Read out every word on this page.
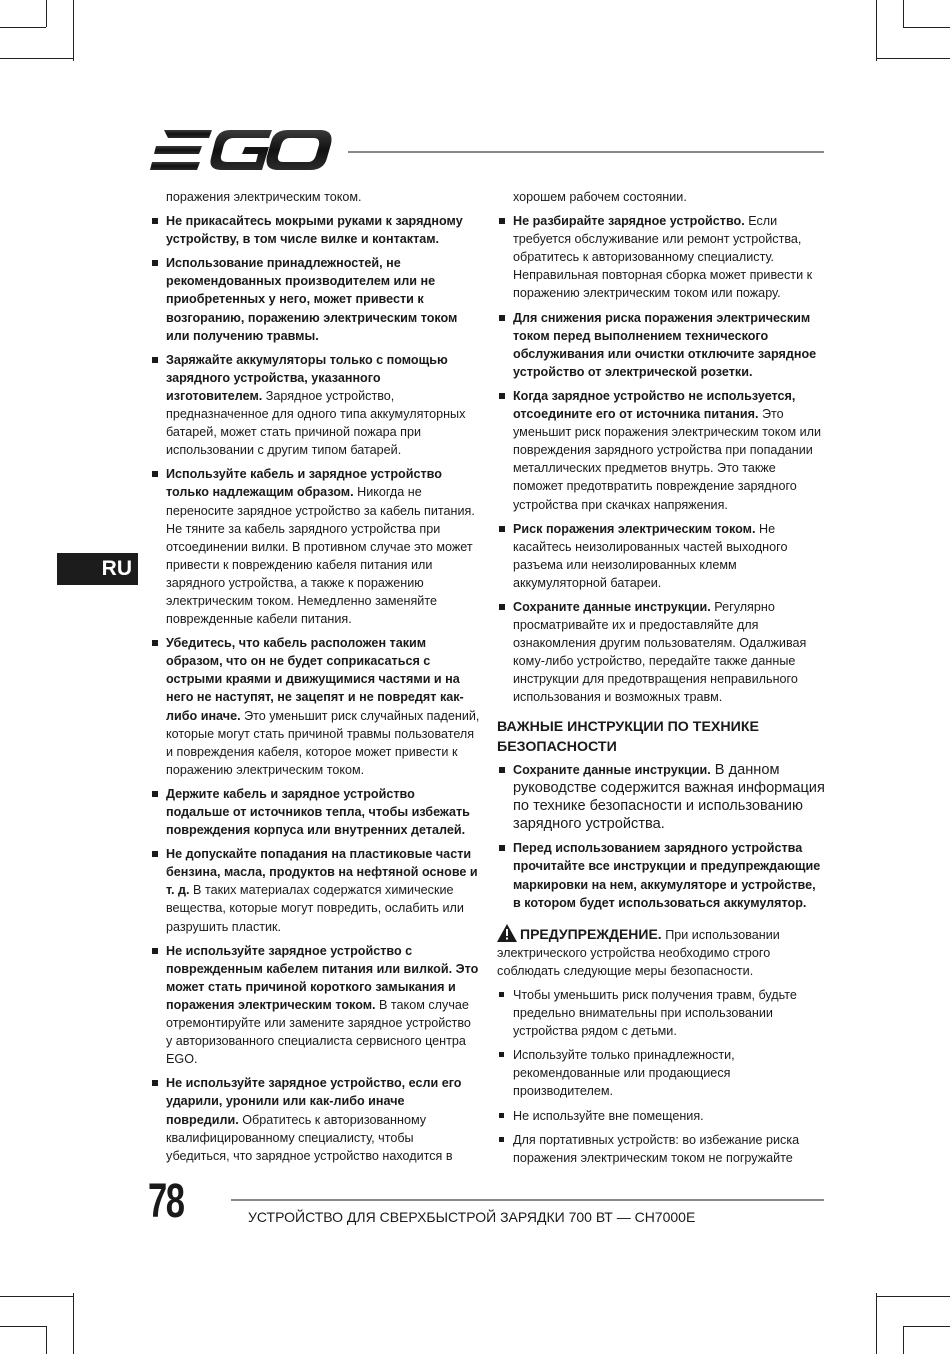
RU
поражения электрическим током.
Не прикасайтесь мокрыми руками к зарядному устройству, в том числе вилке и контактам.
Использование принадлежностей, не рекомендованных производителем или не приобретенных у него, может привести к возгоранию, поражению электрическим током или получению травмы.
Заряжайте аккумуляторы только с помощью зарядного устройства, указанного изготовителем. Зарядное устройство, предназначенное для одного типа аккумуляторных батарей, может стать причиной пожара при использовании с другим типом батарей.
Используйте кабель и зарядное устройство только надлежащим образом. Никогда не переносите зарядное устройство за кабель питания. Не тяните за кабель зарядного устройства при отсоединении вилки. В противном случае это может привести к повреждению кабеля питания или зарядного устройства, а также к поражению электрическим током. Немедленно заменяйте поврежденные кабели питания.
Убедитесь, что кабель расположен таким образом, что он не будет соприкасаться с острыми краями и движущимися частями и на него не наступят, не зацепят и не повредят как-либо иначе. Это уменьшит риск случайных падений, которые могут стать причиной травмы пользователя и повреждения кабеля, которое может привести к поражению электрическим током.
Держите кабель и зарядное устройство подальше от источников тепла, чтобы избежать повреждения корпуса или внутренних деталей.
Не допускайте попадания на пластиковые части бензина, масла, продуктов на нефтяной основе и т. д. В таких материалах содержатся химические вещества, которые могут повредить, ослабить или разрушить пластик.
Не используйте зарядное устройство с поврежденным кабелем питания или вилкой. Это может стать причиной короткого замыкания и поражения электрическим током. В таком случае отремонтируйте или замените зарядное устройство у авторизованного специалиста сервисного центра EGO.
Не используйте зарядное устройство, если его ударили, уронили или как-либо иначе повредили. Обратитесь к авторизованному квалифицированному специалисту, чтобы убедиться, что зарядное устройство находится в
хорошем рабочем состоянии.
Не разбирайте зарядное устройство. Если требуется обслуживание или ремонт устройства, обратитесь к авторизованному специалисту. Неправильная повторная сборка может привести к поражению электрическим током или пожару.
Для снижения риска поражения электрическим током перед выполнением технического обслуживания или очистки отключите зарядное устройство от электрической розетки.
Когда зарядное устройство не используется, отсоедините его от источника питания. Это уменьшит риск поражения электрическим током или повреждения зарядного устройства при попадании металлических предметов внутрь. Это также поможет предотвратить повреждение зарядного устройства при скачках напряжения.
Риск поражения электрическим током. Не касайтесь неизолированных частей выходного разъема или неизолированных клемм аккумуляторной батареи.
Сохраните данные инструкции. Регулярно просматривайте их и предоставляйте для ознакомления другим пользователям. Одалживая кому-либо устройство, передайте также данные инструкции для предотвращения неправильного использования и возможных травм.
ВАЖНЫЕ ИНСТРУКЦИИ ПО ТЕХНИКЕ БЕЗОПАСНОСТИ
Сохраните данные инструкции. В данном руководстве содержится важная информация по технике безопасности и использованию зарядного устройства.
Перед использованием зарядного устройства прочитайте все инструкции и предупреждающие маркировки на нем, аккумуляторе и устройстве, в котором будет использоваться аккумулятор.
ПРЕДУПРЕЖДЕНИЕ. При использовании электрического устройства необходимо строго соблюдать следующие меры безопасности.
Чтобы уменьшить риск получения травм, будьте предельно внимательны при использовании устройства рядом с детьми.
Используйте только принадлежности, рекомендованные или продающиеся производителем.
Не используйте вне помещения.
Для портативных устройств: во избежание риска поражения электрическим током не погружайте
78	УСТРОЙСТВО ДЛЯ СВЕРХБЫСТРОЙ ЗАРЯДКИ 700 ВТ — CH7000E
